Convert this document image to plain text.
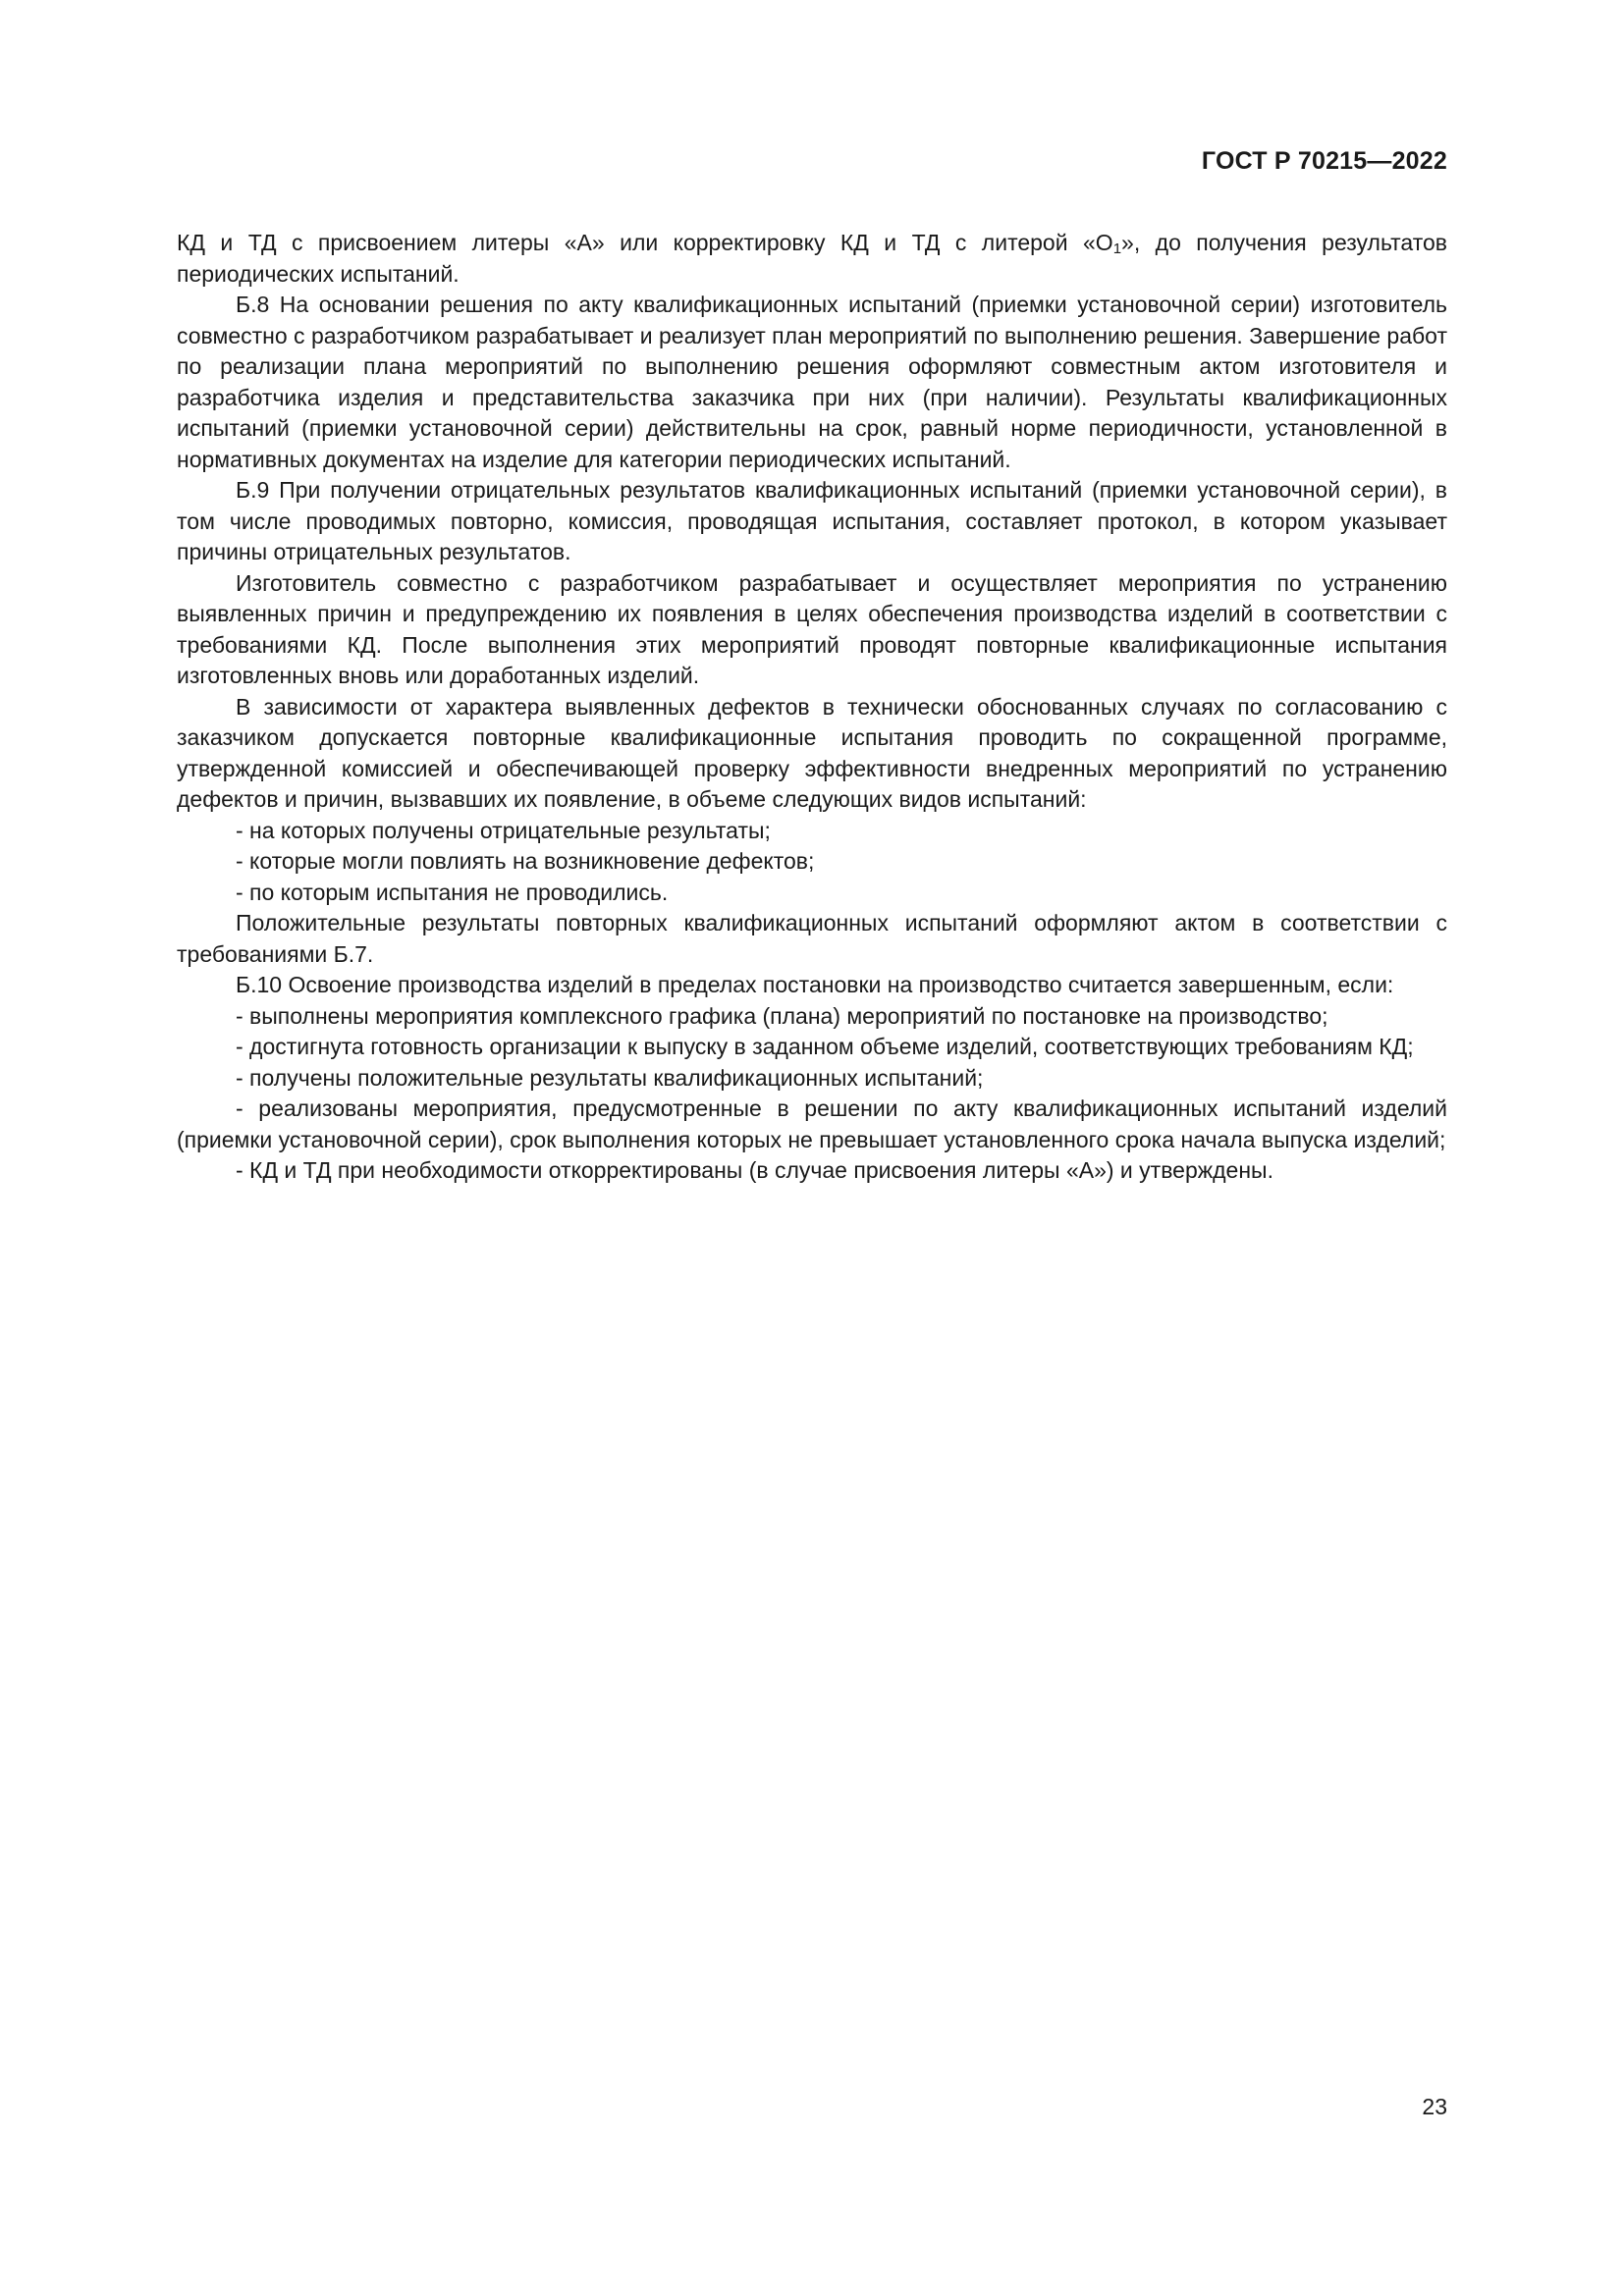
ГОСТ Р 70215—2022

КД и ТД с присвоением литеры «А» или корректировку КД и ТД с литерой «$О_1$», до получения результатов периодических испытаний.

Б.8 На основании решения по акту квалификационных испытаний (приемки установочной серии) изготовитель совместно с разработчиком разрабатывает и реализует план мероприятий по выполнению решения. Завершение работ по реализации плана мероприятий по выполнению решения оформляют совместным актом изготовителя и разработчика изделия и представительства заказчика при них (при наличии). Результаты квалификационных испытаний (приемки установочной серии) действительны на срок, равный норме периодичности, установленной в нормативных документах на изделие для категории периодических испытаний.

Б.9 При получении отрицательных результатов квалификационных испытаний (приемки установочной серии), в том числе проводимых повторно, комиссия, проводящая испытания, составляет протокол, в котором указывает причины отрицательных результатов.

Изготовитель совместно с разработчиком разрабатывает и осуществляет мероприятия по устранению выявленных причин и предупреждению их появления в целях обеспечения производства изделий в соответствии с требованиями КД. После выполнения этих мероприятий проводят повторные квалификационные испытания изготовленных вновь или доработанных изделий.

В зависимости от характера выявленных дефектов в технически обоснованных случаях по согласованию с заказчиком допускается повторные квалификационные испытания проводить по сокращенной программе, утвержденной комиссией и обеспечивающей проверку эффективности внедренных мероприятий по устранению дефектов и причин, вызвавших их появление, в объеме следующих видов испытаний:

- на которых получены отрицательные результаты;

- которые могли повлиять на возникновение дефектов;

- по которым испытания не проводились.

Положительные результаты повторных квалификационных испытаний оформляют актом в соответствии с требованиями Б.7.

Б.10 Освоение производства изделий в пределах постановки на производство считается завершенным, если:

- выполнены мероприятия комплексного графика (плана) мероприятий по постановке на производство;

- достигнута готовность организации к выпуску в заданном объеме изделий, соответствующих требованиям КД;

- получены положительные результаты квалификационных испытаний;

- реализованы мероприятия, предусмотренные в решении по акту квалификационных испытаний изделий (приемки установочной серии), срок выполнения которых не превышает установленного срока начала выпуска изделий;

- КД и ТД при необходимости откорректированы (в случае присвоения литеры «А») и утверждены.

23
